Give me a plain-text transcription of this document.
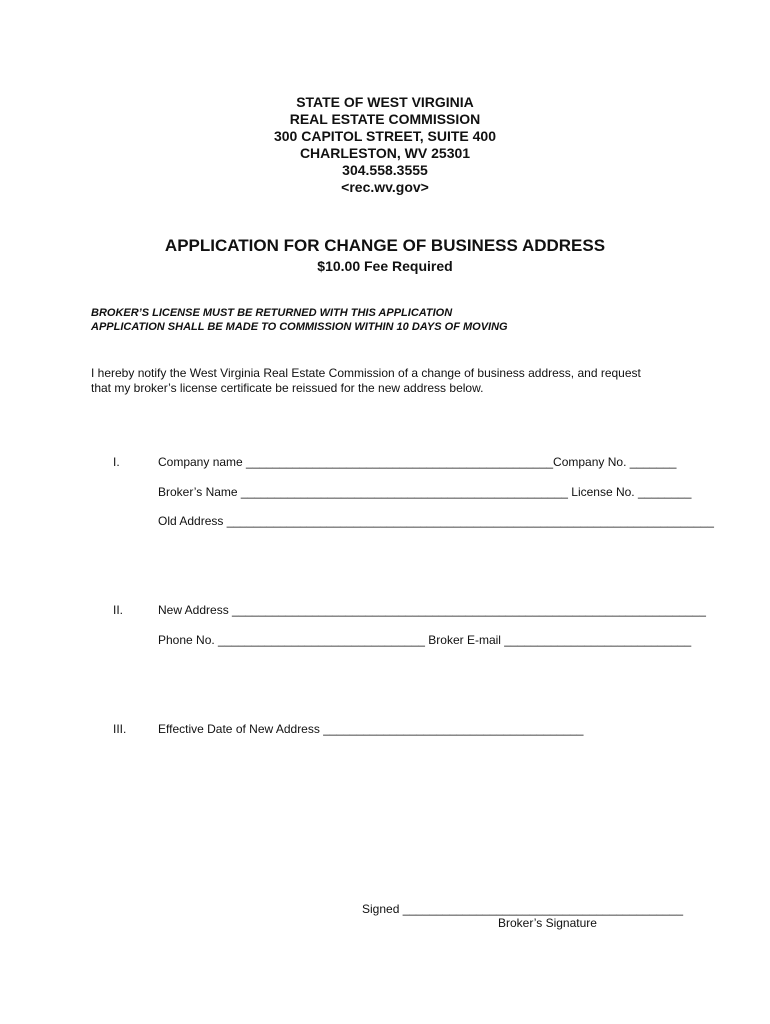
STATE OF WEST VIRGINIA
REAL ESTATE COMMISSION
300 CAPITOL STREET, SUITE 400
CHARLESTON, WV 25301
304.558.3555
<rec.wv.gov>
APPLICATION FOR CHANGE OF BUSINESS ADDRESS
$10.00 Fee Required
BROKER’S LICENSE MUST BE RETURNED WITH THIS APPLICATION
APPLICATION SHALL BE MADE TO COMMISSION WITHIN 10 DAYS OF MOVING
I hereby notify the West Virginia Real Estate Commission of a change of business address, and request
that my broker’s license certificate be reissued for the new address below.
I.	Company name ______________________________________________Company No. _______
Broker’s Name _________________________________________________ License No. ________
Old Address _________________________________________________________________________
II.	New Address _______________________________________________________________________
Phone No. _______________________________ Broker E-mail ____________________________
III.	Effective Date of New Address _______________________________________
Signed __________________________________________
Broker’s Signature
